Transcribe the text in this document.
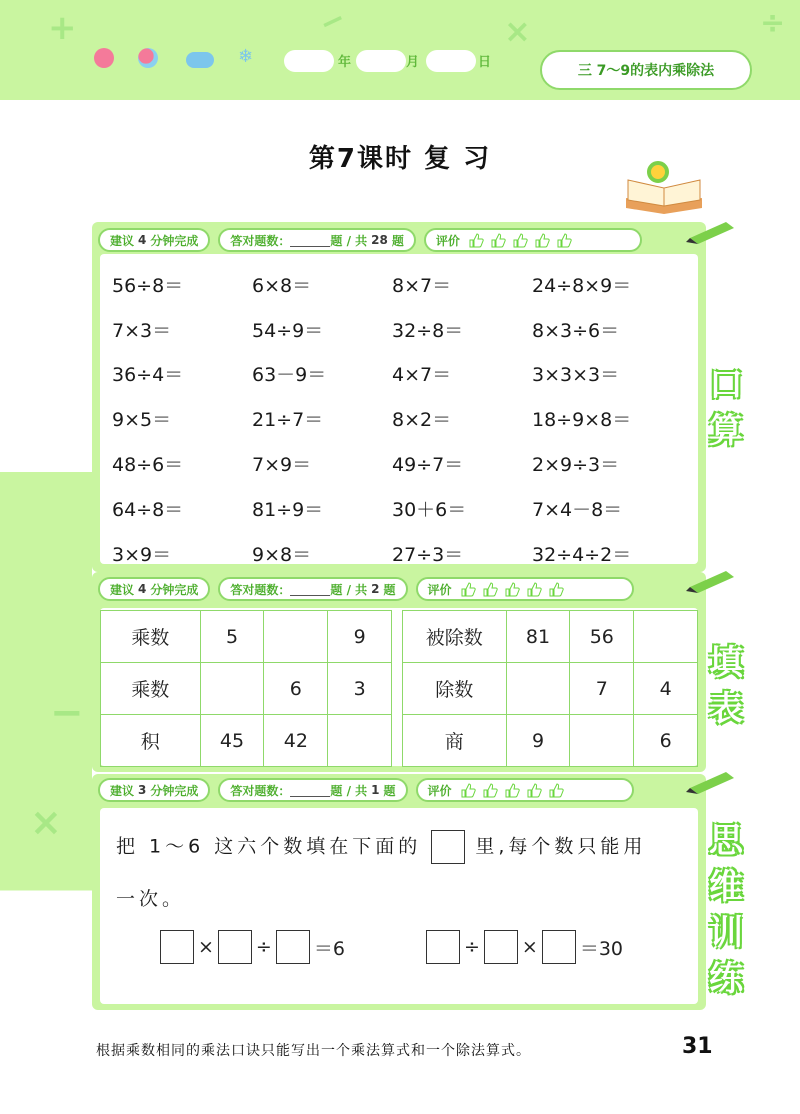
+	−	×	÷
−
×
❄	年	月	日
三 7～9的表内乘除法
第7课时 复 习
建议 4 分钟完成	答对题数：	题 / 共 28 题	评价
56÷8＝	6×8＝	8×7＝	24÷8×9＝
7×3＝	54÷9＝	32÷8＝	8×3÷6＝
36÷4＝	63－9＝	4×7＝	3×3×3＝
9×5＝	21÷7＝	8×2＝	18÷9×8＝
48÷6＝	7×9＝	49÷7＝	2×9÷3＝
64÷8＝	81÷9＝	30＋6＝	7×4－8＝
3×9＝	9×8＝	27÷3＝	32÷4÷2＝
口
算
建议 4 分钟完成	答对题数：	题 / 共 2 题	评价
乘数	5		9
乘数		6	3
积	45	42	
被除数	81	56	
除数		7	4
商	9		6
填
表
建议 3 分钟完成	答对题数：	题 / 共 1 题	评价
把 1～6 这六个数填在下面的	里,每个数只能用
一次。
× ÷ ＝6	÷ × ＝30
思
维
训
练
根据乘数相同的乘法口诀只能写出一个乘法算式和一个除法算式。	31
